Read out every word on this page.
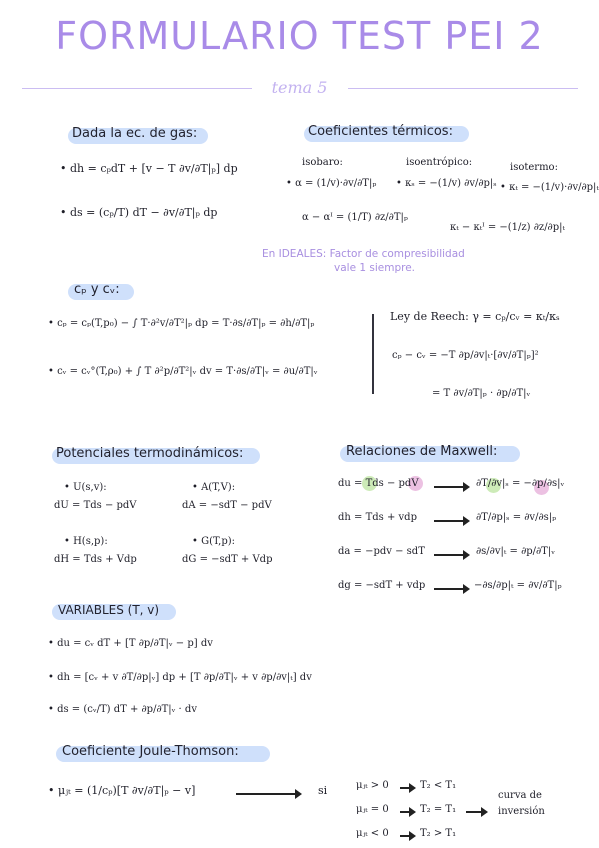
FORMULARIO TEST PEI 2
tema 5
Dada la ec. de gas:
• dh = cₚdT + [v − T ∂v/∂T|ₚ] dp
• ds = (cₚ/T) dT − ∂v/∂T|ₚ dp
Coeficientes térmicos:
isobaro:
• α = (1/v)·∂v/∂T|ₚ
α − αᴵ = (1/T) ∂z/∂T|ₚ
isoentrópico:
• κₛ = −(1/v) ∂v/∂p|ₛ
isotermo:
• κₜ = −(1/v)·∂v/∂p|ₜ
κₜ − κₜᴵ = −(1/z) ∂z/∂p|ₜ
En IDEALES: Factor de compresibilidad
vale 1 siempre.
cₚ y cᵥ:
• cₚ = cₚ(T,p₀) − ∫ T·∂²v/∂T²|ₚ dp = T·∂s/∂T|ₚ = ∂h/∂T|ₚ
• cᵥ = cᵥ°(T,ρ₀) + ∫ T ∂²p/∂T²|ᵥ dv = T·∂s/∂T|ᵥ = ∂u/∂T|ᵥ
Ley de Reech: γ = cₚ/cᵥ = κₜ/κₛ
cₚ − cᵥ = −T ∂p/∂v|ₜ·[∂v/∂T|ₚ]²
= T ∂v/∂T|ₚ · ∂p/∂T|ᵥ
Potenciales termodinámicos:
• U(s,v):
dU = Tds − pdV
• A(T,V):
dA = −sdT − pdV
• H(s,p):
dH = Tds + Vdp
• G(T,p):
dG = −sdT + Vdp
Relaciones de Maxwell:
du = Tds − pdV	∂T/∂v|ₛ = −∂p/∂s|ᵥ
dh = Tds + vdp	∂T/∂p|ₛ = ∂v/∂s|ₚ
da = −pdv − sdT	∂s/∂v|ₜ = ∂p/∂T|ᵥ
dg = −sdT + vdp	−∂s/∂p|ₜ = ∂v/∂T|ₚ
VARIABLES (T, v)
• du = cᵥ dT + [T ∂p/∂T|ᵥ − p] dv
• dh = [cᵥ + v ∂T/∂p|ᵥ] dp + [T ∂p/∂T|ᵥ + v ∂p/∂v|ₜ] dv
• ds = (cᵥ/T) dT + ∂p/∂T|ᵥ · dv
Coeficiente Joule-Thomson:
• μⱼₜ = (1/cₚ)[T ∂v/∂T|ₚ − v]	si	μⱼₜ > 0	T₂ < T₁
μⱼₜ = 0	T₂ = T₁
curva de
inversión
μⱼₜ < 0	T₂ > T₁
